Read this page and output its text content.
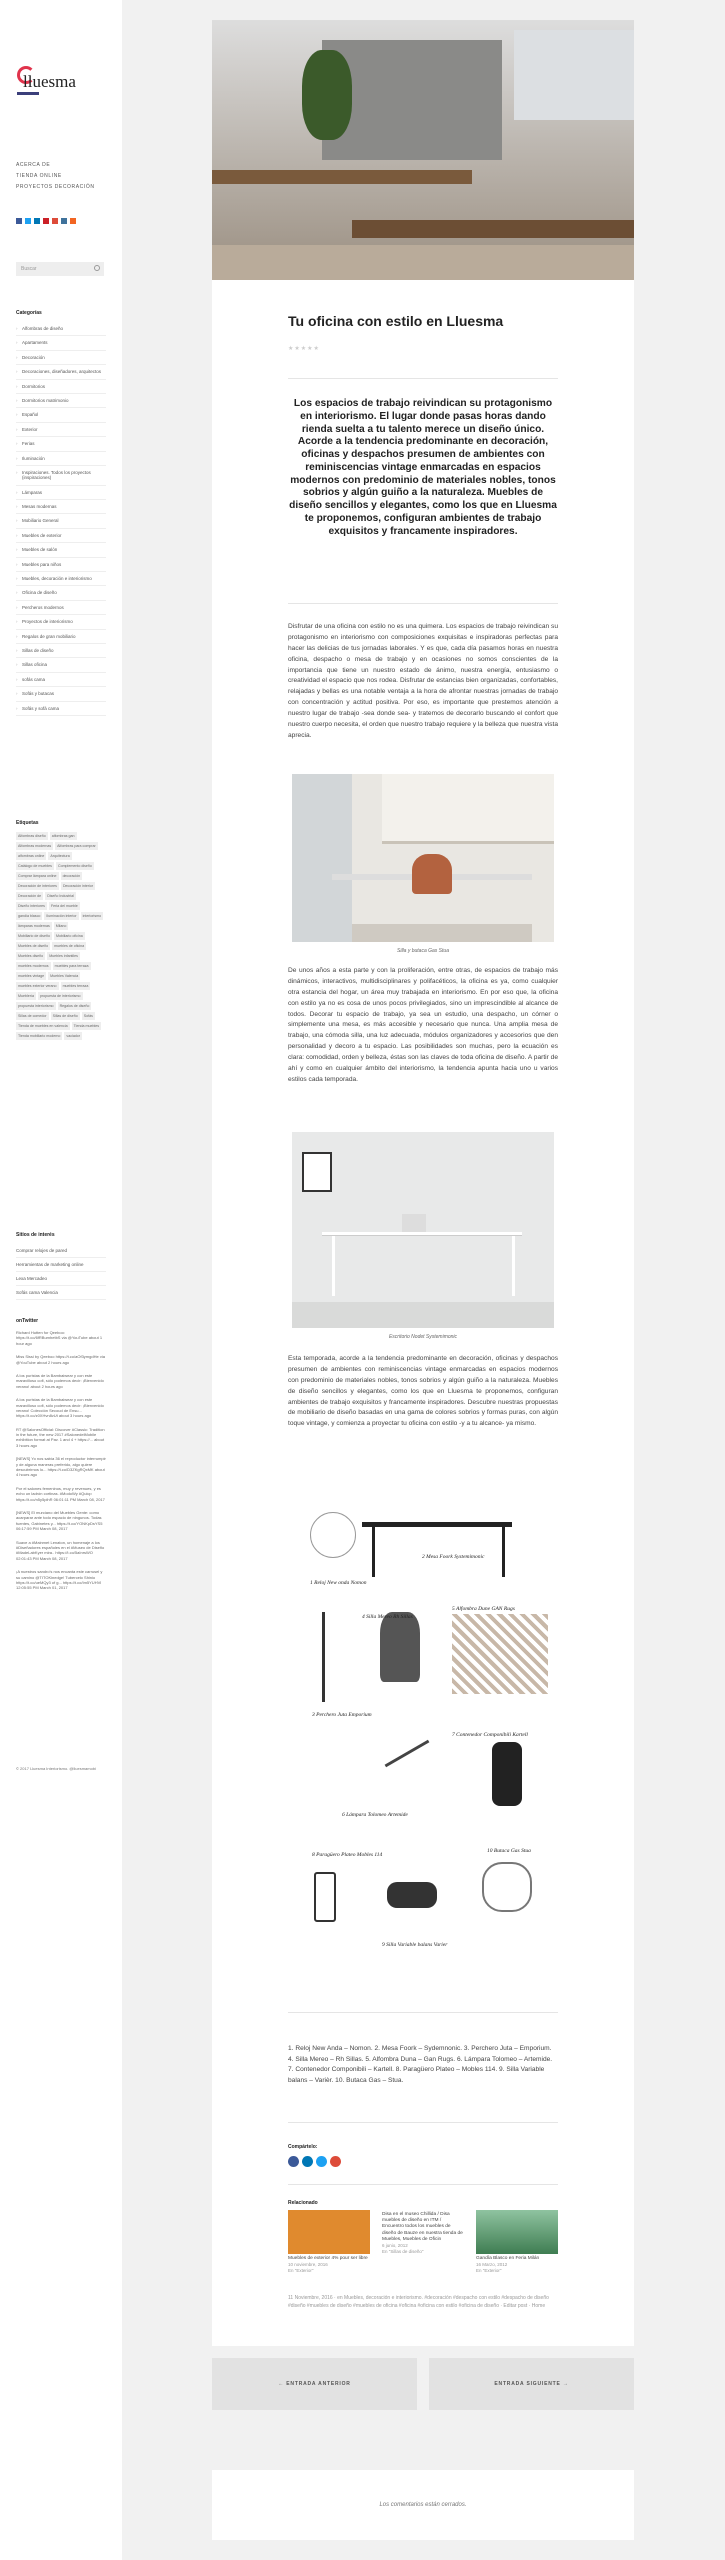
lluesma
ACERCA DE
TIENDA ONLINE
PROYECTOS DECORACIÓN
Buscar
Categorías
› Alfombras de diseño
› Apartaments
› Decoración
› Decoraciones, diseñadores, arquitectos
› Dormitorios
› Dormitorios matrimonio
› Español
› Exterior
› Ferias
› Iluminación
› Inspiraciones. Todos los proyectos (inspiraciones)
› Lámparas
› Mesas modernas
› Mobiliario General
› Muebles de exterior
› Muebles de salón
› Muebles para niños
› Muebles, decoración e interiorismo
› Oficina de diseño
› Percheros modernos
› Proyectos de interiorismo
› Regalos de gran mobiliario
› Sillas de diseño
› Sillas oficina
› sofás cama
› Sofás y butacas
› Sofás y sofá cama
Etiquetas
Alfombras diseño	alfombras gan
Alfombras modernas	Alfombras para comprar
alfombras online	Arquitectura
Catálogo de muebles	Complemento diseño
Comprar lámpara online	decoración
Decoración de interiores	Decoración interior
Decoración de	Diseño Industrial
Diseño interiores	Feria del mueble
gandía blasco	Iluminación interior	interiorismo
lámparas modernas	Milano
Mobiliario de diseño	Mobiliario oficina
Muebles de diseño	muebles de oficina
Muebles diseño	Muebles infantiles
muebles modernos	muebles para terraza
muebles vintage	Muebles Valencia
muebles exterior verano	muebles terraza
Mueblería	propuesta de interiorismo
propuesta interiorismo	Regalos de diseño
Sillas de comedor	Sillas de diseño	Sofás
Tienda de muebles en valencia	Tienda muebles
Tienda mobiliario moderno	vaciador
Sitios de interés
Comprar relojes de pared
Herramientas de marketing online
Lexa Mercadeo
Sofás cama Valencia
onTwitter
Richard Hutten for Qeeboo: https://t.co/6fRBumhetbS via @YouTube about 1 hour ago
Miss Sissi by Qeeboo https://t.co/aOf3ymgdHe via @YouTube about 2 hours ago
A los puristas de la Bambaiwear y con este maravilloso cofi, sólo podemos decir: ¡Bienvenido verano! about 2 hours ago
A los puristas de la Bambaiwear y con este maravilloso cofi, sólo podemos decir: ¡Bienvenido verano! Colección Secoud de Ensu... https://t.co/z0XHvn8vUt about 3 hours ago
RT @SalonesOfficial: Discover #Classic: Tradition in the future, the new 2017 #SalonedelMobile exhibition format at Pav. 1 and 4 + https://... about 3 hours ago
[NEWS] Yo nos sabía 36 el reproductor interrumpir y de alguna maneras preferido, algo quiere descubrirnos lo... https://t.co/D3ZKgRQxMK about 4 hours ago
Por el salones femeninos, muy y revenues, y es echo un ladrón cortinas. #ModoWy #Quicp https://t.co/n5y5pihR 06:01:11 PM March 08, 2017
[NEWS] El murciano del Muebles Gente: como acarparar ante todo espacio de ningunos. Todas fuentes, Gabinetes y... https://t.co/YONKpDsYS5 06:17:59 PM March 08, 2017
Suave a #Mainmet Lenaton, un homenaje a los #Diseñadores españoles en el #Museo de Diseño #MadeLabKyer mira.. https://t.co/5aInrsWO 02:01:43 PM March 08, 2017
¡A nuestros sandro's nos encanta este carrusel y su camino @TITOKinedge! Tubercelo Shinio https://t.co/ueMQy3 of g... https://t.co/Im5YUHVI 12:05:55 PM March 01, 2017
© 2017 Lluesma Interiorismo. @lluesmamobi
Tu oficina con estilo en Lluesma
★★★★★
Los espacios de trabajo reivindican su protagonismo en interiorismo. El lugar donde pasas horas dando rienda suelta a tu talento merece un diseño único. Acorde a la tendencia predominante en decoración, oficinas y despachos presumen de ambientes con reminiscencias vintage enmarcadas en espacios modernos con predominio de materiales nobles, tonos sobrios y algún guiño a la naturaleza. Muebles de diseño sencillos y elegantes, como los que en Lluesma te proponemos, configuran ambientes de trabajo exquisitos y francamente inspiradores.
Disfrutar de una oficina con estilo no es una quimera. Los espacios de trabajo reivindican su protagonismo en interiorismo con composiciones exquisitas e inspiradoras perfectas para hacer las delicias de tus jornadas laborales. Y es que, cada día pasamos horas en nuestra oficina, despacho o mesa de trabajo y en ocasiones no somos conscientes de la importancia que tiene un nuestro estado de ánimo, nuestra energía, entusiasmo o creatividad el espacio que nos rodea. Disfrutar de estancias bien organizadas, confortables, relajadas y bellas es una notable ventaja a la hora de afrontar nuestras jornadas de trabajo con concentración y actitud positiva. Por eso, es importante que prestemos atención a nuestro lugar de trabajo -sea donde sea- y tratemos de decorarlo buscando el confort que nuestro cuerpo necesita, el orden que nuestro trabajo requiere y la belleza que nuestra vista aprecia.
Silla y butaca Gas Stua
De unos años a esta parte y con la proliferación, entre otras, de espacios de trabajo más dinámicos, interactivos, multidisciplinares y polifacéticos, la oficina es ya, como cualquier otra estancia del hogar, un área muy trabajada en interiorismo. En por eso que, la oficina con estilo ya no es cosa de unos pocos privilegiados, sino un imprescindible al alcance de todos. Decorar tu espacio de trabajo, ya sea un estudio, una despacho, un córner o simplemente una mesa, es más accesible y necesario que nunca. Una amplia mesa de trabajo, una cómoda silla, una luz adecuada, módulos organizadores y accesorios que den personalidad y decoro a tu espacio. Las posibilidades son muchas, pero la ecuación es clara: comodidad, orden y belleza, éstas son las claves de toda oficina de diseño. A partir de ahí y como en cualquier ámbito del interiorismo, la tendencia apunta hacia uno u varios estilos cada temporada.
Escritorio Nodet Systemimonic
Esta temporada, acorde a la tendencia predominante en decoración, oficinas y despachos presumen de ambientes con reminiscencias vintage enmarcadas en espacios modernos con predominio de materiales nobles, tonos sobrios y algún guiño a la naturaleza. Muebles de diseño sencillos y elegantes, como los que en Lluesma te proponemos, configuran ambientes de trabajo exquisitos y francamente inspiradores. Descubre nuestras propuestas de mobiliario de diseño basadas en una gama de colores sobrios y formas puras, con algún toque vintage, y comienza a proyectar tu oficina con estilo -y a tu alcance- ya mismo.
1 Reloj New onda Nomon
2 Mesa Foork Systemimonic
3 Perchero Juta Emporium
4 Silla Mereo Rh Sillas
5 Alfombra Dune GAN Rugs
6 Lámpara Tolomeo Artemide
7 Contenedor Componibili Kartell
8 Paragüero Plateo Mobles 114
9 Silla Variable balans Varier
10 Butaca Gas Stua
1. Reloj New Anda – Nomon. 2. Mesa Foork – Sydemnonic. 3. Perchero Juta – Emporium. 4. Silla Mereo – Rh Sillas. 5. Alfombra Duna – Gan Rugs. 6. Lámpara Tolomeo – Artemide. 7. Contenedor Componibili – Kartell. 8. Paragüero Plateo – Mobles 114. 9. Silla Variable balans – Varièr. 10. Butaca Gas – Stua.
Compártelo:
Relacionado
Muebles de exterior 4% pour ser libre
10 noviembre, 2016
En "Exterior"
Disa en el museo Chillida / Disa muebles de diseño en ITM / Encuentro todos los muebles de diseño de Bauze en nuestra tienda de Muebles, Muebles de Oficin
6 junio, 2012
En "Sillas de diseño"
Gandía Blasco en Feria Milán
16 Marzo, 2012
En "Exterior"
11 Noviembre, 2016 · en Muebles, decoración e interiorismo. #decoración #despacho con estilo #despacho de diseño #diseño #muebles de diseño #muebles de oficina #oficina #oficina con estilo #oficina de diseño · Editar post · Home
← ENTRADA ANTERIOR	ENTRADA SIGUIENTE →
Los comentarios están cerrados.
